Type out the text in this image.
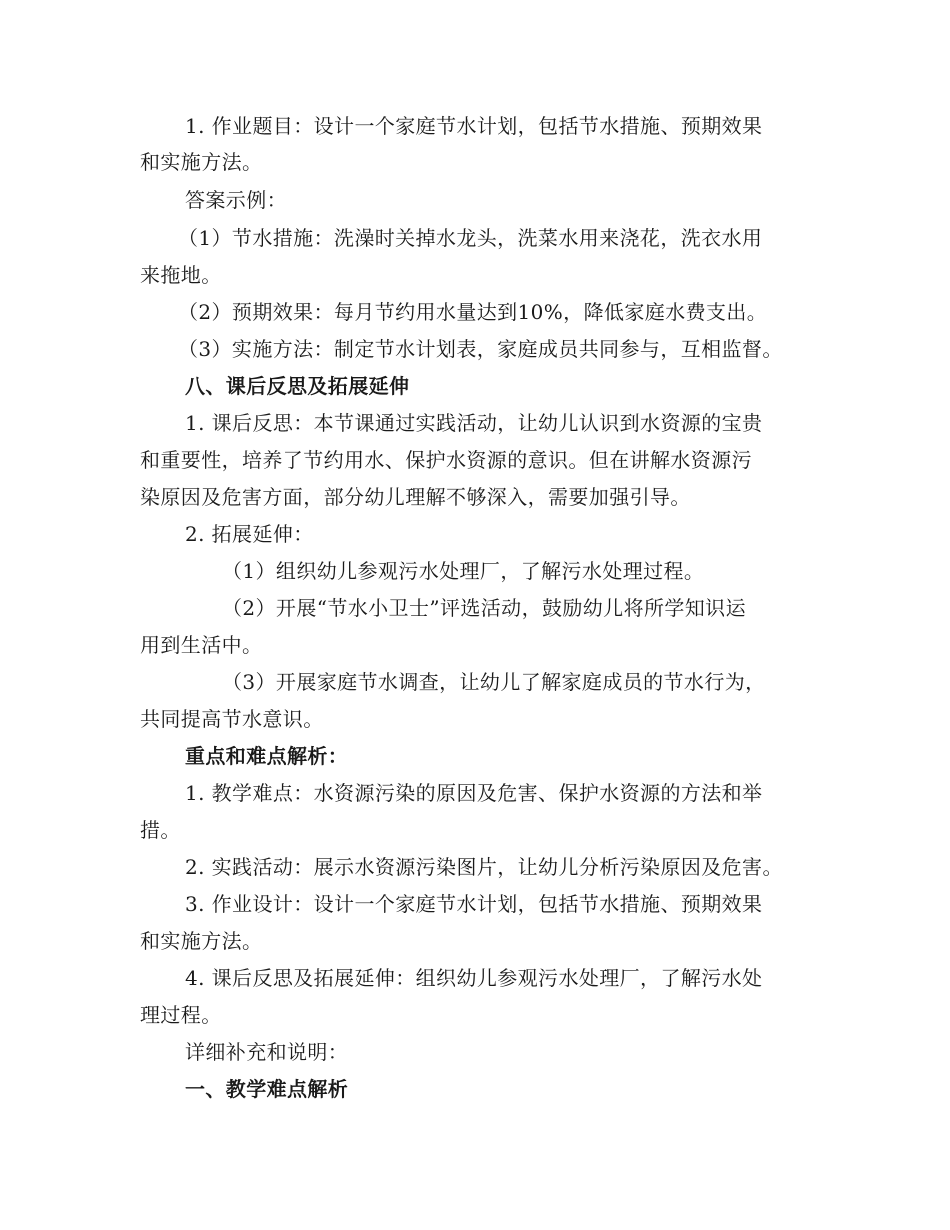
1. 作业题目：设计一个家庭节水计划，包括节水措施、预期效果
和实施方法。
答案示例：
（1）节水措施：洗澡时关掉水龙头，洗菜水用来浇花，洗衣水用
来拖地。
（2）预期效果：每月节约用水量达到10%，降低家庭水费支出。
（3）实施方法：制定节水计划表，家庭成员共同参与，互相监督。
八、课后反思及拓展延伸
1. 课后反思：本节课通过实践活动，让幼儿认识到水资源的宝贵
和重要性，培养了节约用水、保护水资源的意识。但在讲解水资源污
染原因及危害方面，部分幼儿理解不够深入，需要加强引导。
2. 拓展延伸：
（1）组织幼儿参观污水处理厂，了解污水处理过程。
（2）开展“节水小卫士”评选活动，鼓励幼儿将所学知识运
用到生活中。
（3）开展家庭节水调查，让幼儿了解家庭成员的节水行为，
共同提高节水意识。
重点和难点解析：
1. 教学难点：水资源污染的原因及危害、保护水资源的方法和举
措。
2. 实践活动：展示水资源污染图片，让幼儿分析污染原因及危害。
3. 作业设计：设计一个家庭节水计划，包括节水措施、预期效果
和实施方法。
4. 课后反思及拓展延伸：组织幼儿参观污水处理厂，了解污水处
理过程。
详细补充和说明：
一、教学难点解析
